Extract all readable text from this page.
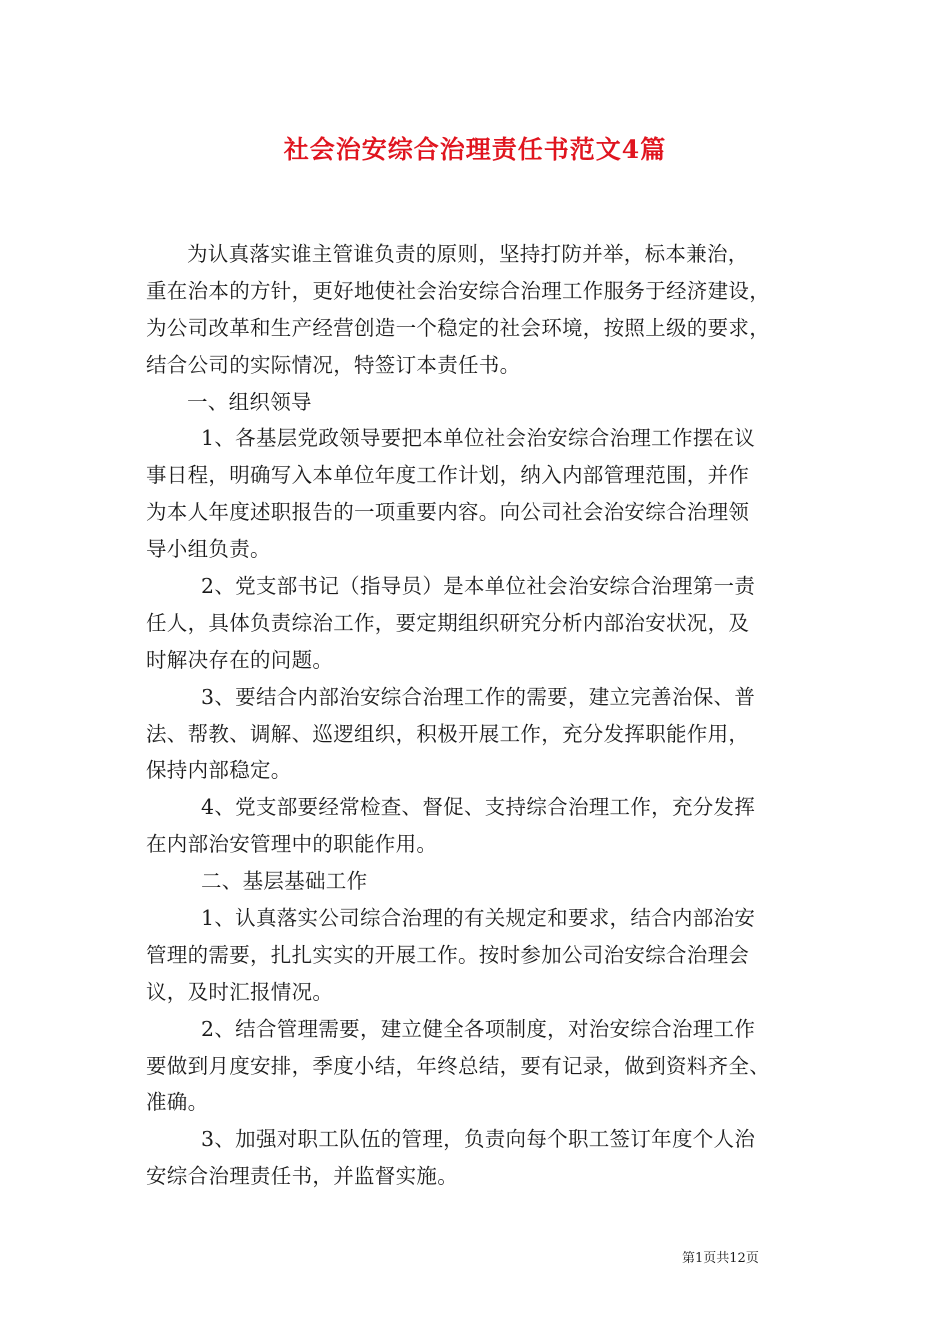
社会治安综合治理责任书范文4篇
为认真落实谁主管谁负责的原则，坚持打防并举，标本兼治，
重在治本的方针，更好地使社会治安综合治理工作服务于经济建设，
为公司改革和生产经营创造一个稳定的社会环境，按照上级的要求，
结合公司的实际情况，特签订本责任书。
一、组织领导
1、各基层党政领导要把本单位社会治安综合治理工作摆在议
事日程，明确写入本单位年度工作计划，纳入内部管理范围，并作
为本人年度述职报告的一项重要内容。向公司社会治安综合治理领
导小组负责。
2、党支部书记（指导员）是本单位社会治安综合治理第一责
任人，具体负责综治工作，要定期组织研究分析内部治安状况，及
时解决存在的问题。
3、要结合内部治安综合治理工作的需要，建立完善治保、普
法、帮教、调解、巡逻组织，积极开展工作，充分发挥职能作用，
保持内部稳定。
4、党支部要经常检查、督促、支持综合治理工作，充分发挥
在内部治安管理中的职能作用。
二、基层基础工作
1、认真落实公司综合治理的有关规定和要求，结合内部治安
管理的需要，扎扎实实的开展工作。按时参加公司治安综合治理会
议，及时汇报情况。
2、结合管理需要，建立健全各项制度，对治安综合治理工作
要做到月度安排，季度小结，年终总结，要有记录，做到资料齐全、
准确。
3、加强对职工队伍的管理，负责向每个职工签订年度个人治
安综合治理责任书，并监督实施。
第1页共12页
